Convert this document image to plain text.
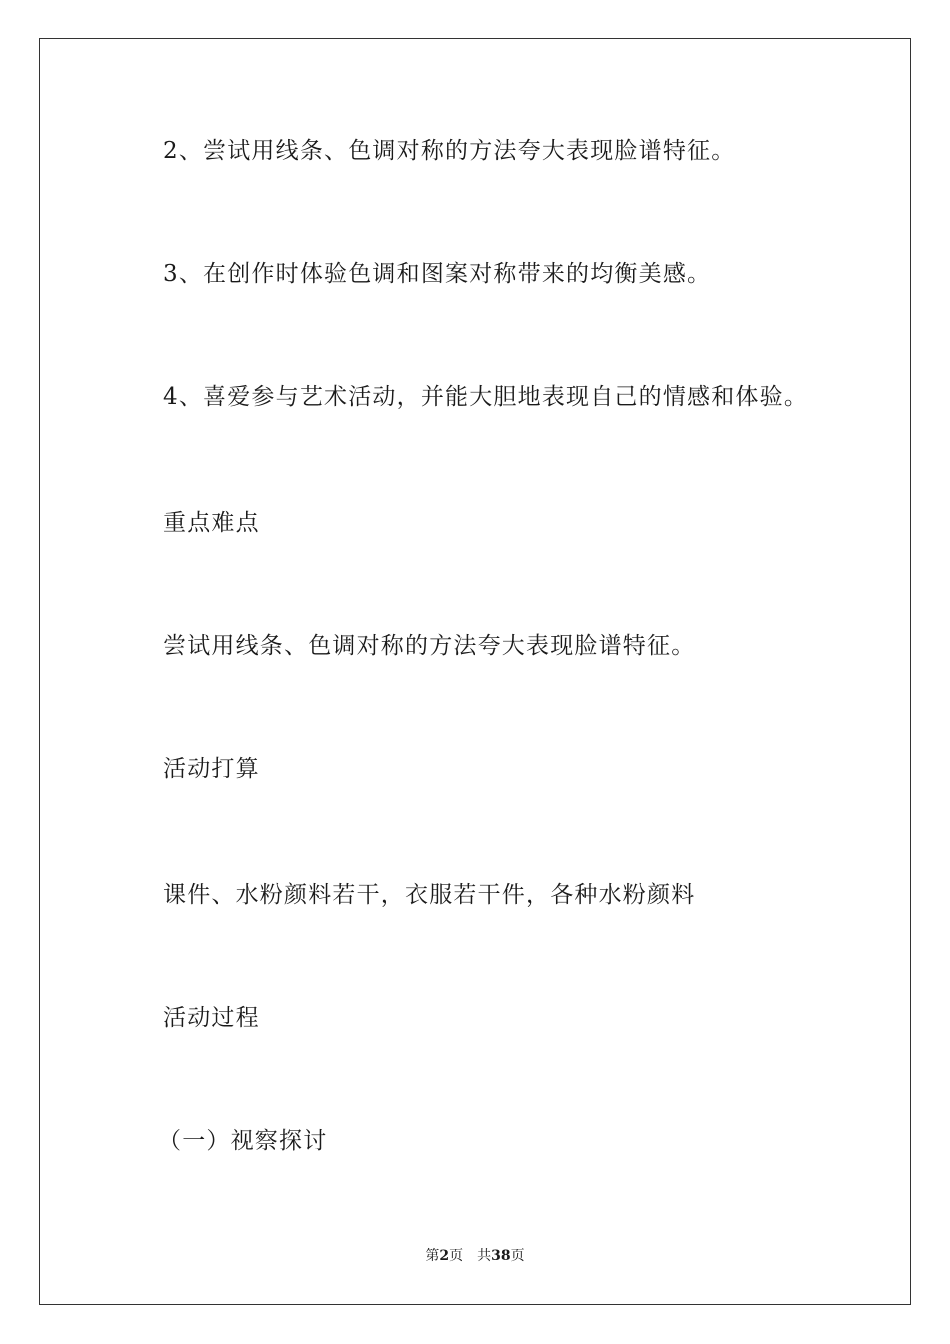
2、尝试用线条、色调对称的方法夸大表现脸谱特征。

3、在创作时体验色调和图案对称带来的均衡美感。

4、喜爱参与艺术活动，并能大胆地表现自己的情感和体验。

重点难点

尝试用线条、色调对称的方法夸大表现脸谱特征。

活动打算

课件、水粉颜料若干，衣服若干件，各种水粉颜料

活动过程

（一）视察探讨

第2页 共38页
